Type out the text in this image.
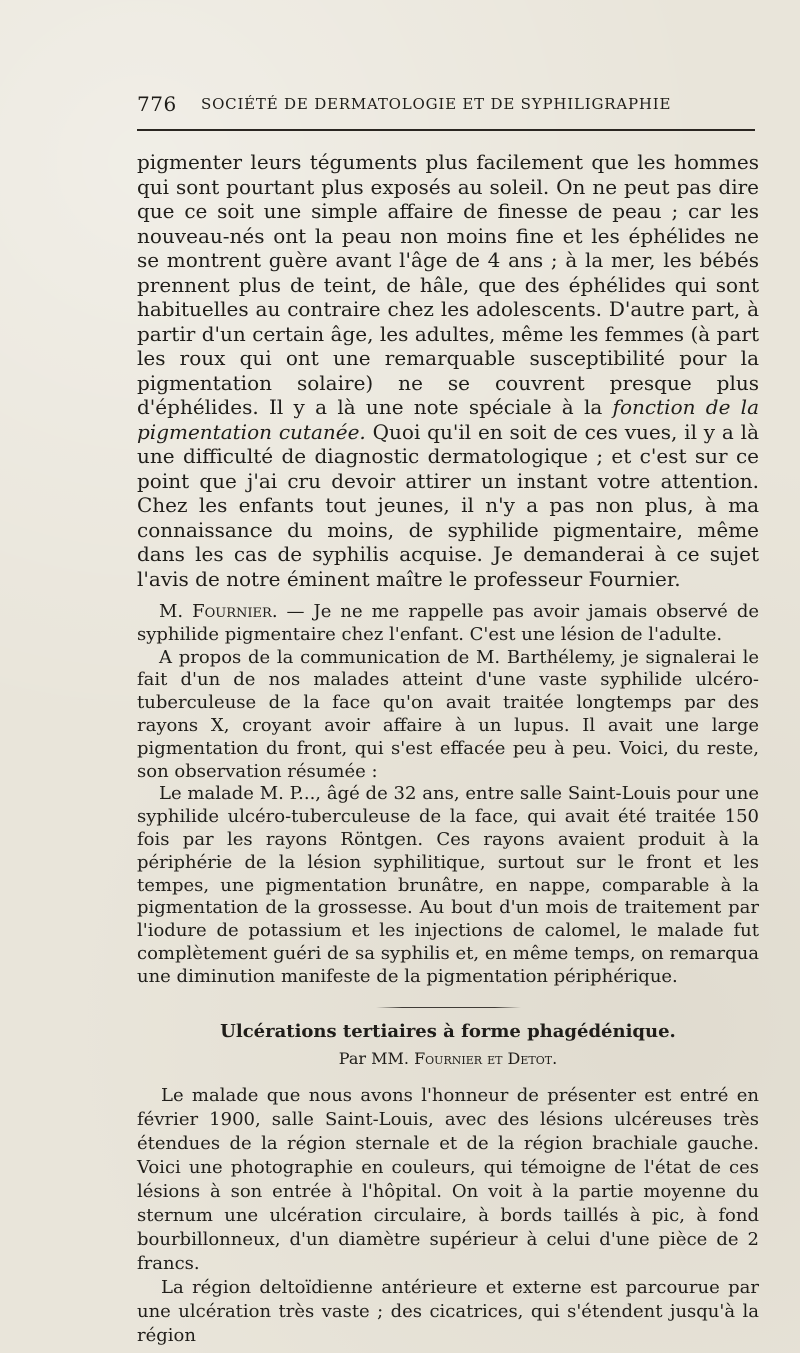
776 SOCIÉTÉ DE DERMATOLOGIE ET DE SYPHILIGRAPHIE

pigmenter leurs téguments plus facilement que les hommes qui sont pourtant plus exposés au soleil. On ne peut pas dire que ce soit une simple affaire de finesse de peau ; car les nouveau-nés ont la peau non moins fine et les éphélides ne se montrent guère avant l'âge de 4 ans ; à la mer, les bébés prennent plus de teint, de hâle, que des éphélides qui sont habituelles au contraire chez les adolescents. D'autre part, à partir d'un certain âge, les adultes, même les femmes (à part les roux qui ont une remarquable susceptibilité pour la pigmentation solaire) ne se couvrent presque plus d'éphélides. Il y a là une note spéciale à la fonction de la pigmentation cutanée. Quoi qu'il en soit de ces vues, il y a là une difficulté de diagnostic dermatologique ; et c'est sur ce point que j'ai cru devoir attirer un instant votre attention. Chez les enfants tout jeunes, il n'y a pas non plus, à ma connaissance du moins, de syphilide pigmentaire, même dans les cas de syphilis acquise. Je demanderai à ce sujet l'avis de notre éminent maître le professeur Fournier.

M. Fournier. — Je ne me rappelle pas avoir jamais observé de syphilide pigmentaire chez l'enfant. C'est une lésion de l'adulte.

A propos de la communication de M. Barthélemy, je signalerai le fait d'un de nos malades atteint d'une vaste syphilide ulcéro-tuberculeuse de la face qu'on avait traitée longtemps par des rayons X, croyant avoir affaire à un lupus. Il avait une large pigmentation du front, qui s'est effacée peu à peu. Voici, du reste, son observation résumée :

Le malade M. P..., âgé de 32 ans, entre salle Saint-Louis pour une syphilide ulcéro-tuberculeuse de la face, qui avait été traitée 150 fois par les rayons Röntgen. Ces rayons avaient produit à la périphérie de la lésion syphilitique, surtout sur le front et les tempes, une pigmentation brunâtre, en nappe, comparable à la pigmentation de la grossesse. Au bout d'un mois de traitement par l'iodure de potassium et les injections de calomel, le malade fut complètement guéri de sa syphilis et, en même temps, on remarqua une diminution manifeste de la pigmentation périphérique.

Ulcérations tertiaires à forme phagédénique.
Par MM. Fournier et Detot.

Le malade que nous avons l'honneur de présenter est entré en février 1900, salle Saint-Louis, avec des lésions ulcéreuses très étendues de la région sternale et de la région brachiale gauche. Voici une photographie en couleurs, qui témoigne de l'état de ces lésions à son entrée à l'hôpital. On voit à la partie moyenne du sternum une ulcération circulaire, à bords taillés à pic, à fond bourbillonneux, d'un diamètre supérieur à celui d'une pièce de 2 francs.

La région deltoïdienne antérieure et externe est parcourue par une ulcération très vaste ; des cicatrices, qui s'étendent jusqu'à la région
